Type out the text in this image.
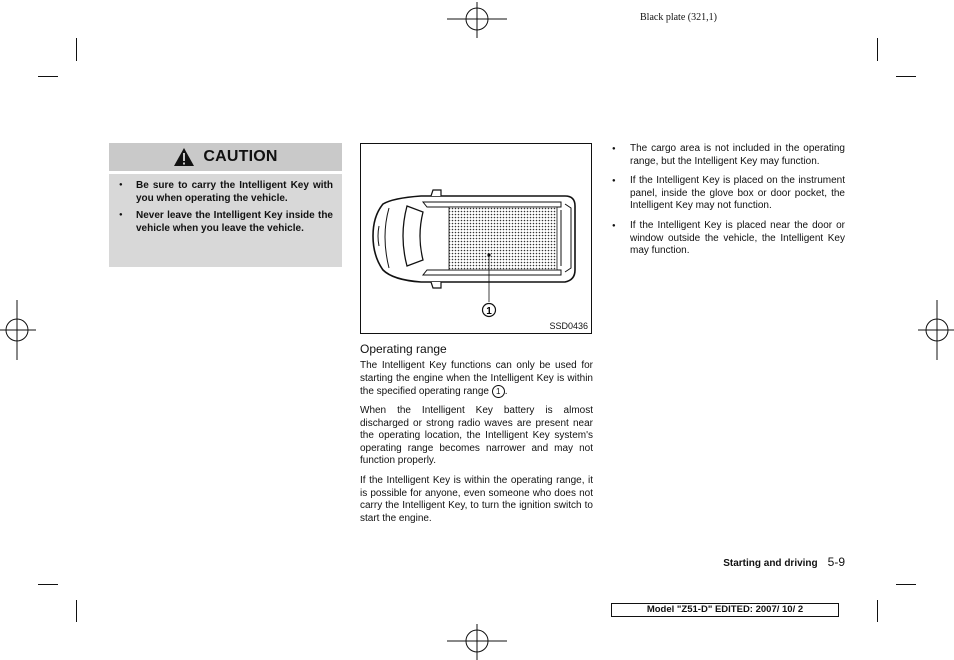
Black plate (321,1)
CAUTION
● Be sure to carry the Intelligent Key with you when operating the vehicle.
● Never leave the Intelligent Key inside the vehicle when you leave the vehicle.
1
SSD0436
Operating range

The Intelligent Key functions can only be used for starting the engine when the Intelligent Key is within the specified operating range 1 .

When the Intelligent Key battery is almost discharged or strong radio waves are present near the operating location, the Intelligent Key system's operating range becomes narrower and may not function properly.

If the Intelligent Key is within the operating range, it is possible for anyone, even someone who does not carry the Intelligent Key, to turn the ignition switch to start the engine.

● The cargo area is not included in the operating range, but the Intelligent Key may function.
● If the Intelligent Key is placed on the instrument panel, inside the glove box or door pocket, the Intelligent Key may not function.
● If the Intelligent Key is placed near the door or window outside the vehicle, the Intelligent Key may function.
Starting and driving 5-9
Model "Z51-D" EDITED: 2007/ 10/ 2
